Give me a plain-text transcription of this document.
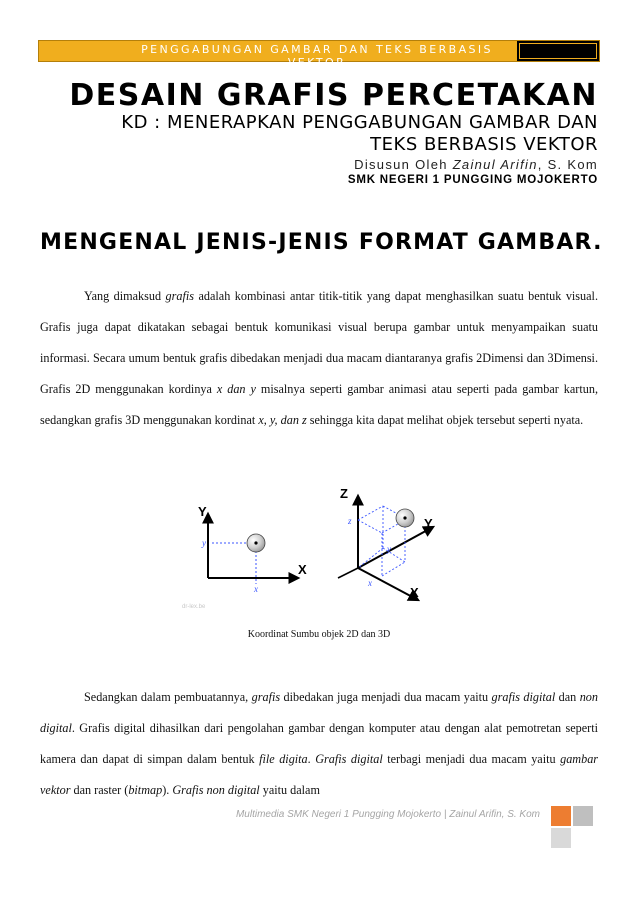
PENGGABUNGAN GAMBAR DAN TEKS BERBASIS VEKTOR
DESAIN GRAFIS PERCETAKAN
KD : MENERAPKAN PENGGABUNGAN GAMBAR DAN TEKS BERBASIS VEKTOR
Disusun Oleh Zainul Arifin, S. Kom
SMK NEGERI 1 PUNGGING MOJOKERTO
MENGENAL JENIS-JENIS FORMAT GAMBAR.
Yang dimaksud grafis adalah kombinasi antar titik-titik yang dapat menghasilkan suatu bentuk visual. Grafis juga dapat dikatakan sebagai bentuk komunikasi visual berupa gambar untuk menyampaikan suatu informasi. Secara umum bentuk grafis dibedakan menjadi dua macam diantaranya grafis 2Dimensi dan 3Dimensi. Grafis 2D menggunakan kordinya x dan y misalnya seperti gambar animasi atau seperti pada gambar kartun, sedangkan grafis 3D menggunakan kordinat x, y, dan z sehingga kita dapat melihat objek tersebut seperti nyata.
Y
X
y
x
dr-lex.be
Z
Y
X
z
y
x
Koordinat Sumbu objek 2D dan 3D
Sedangkan dalam pembuatannya, grafis dibedakan juga menjadi dua macam yaitu grafis digital dan non digital. Grafis digital dihasilkan dari pengolahan gambar dengan komputer atau dengan alat pemotretan seperti kamera dan dapat di simpan dalam bentuk file digita. Grafis digital terbagi menjadi dua macam yaitu gambar vektor dan raster (bitmap). Grafis non digital yaitu dalam
Multimedia SMK Negeri 1 Pungging Mojokerto | Zainul Arifin, S. Kom
